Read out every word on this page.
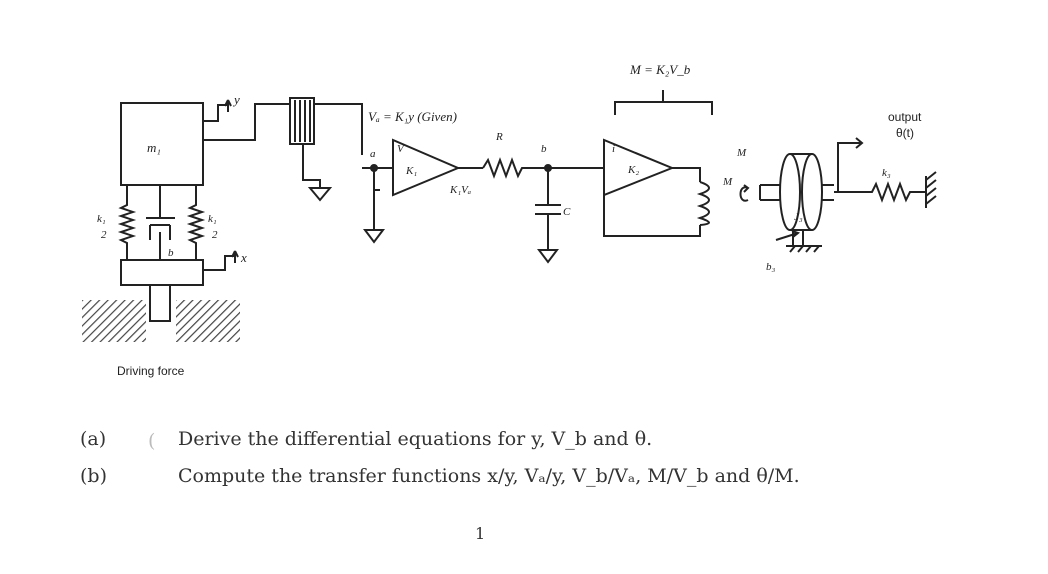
y
m₁
k₁
2
k₁
2
b	x
Driving force
Vₐ = K₁y (Given)
a V
K₁
R
K₁Vₐ
b
C
M = K₂V_b
i
K₂
M
M
J₃
b₃
output
θ(t)
k₃
(a) ( Derive the differential equations for y, V_b and θ.
(b)	Compute the transfer functions x/y, Vₐ/y, V_b/Vₐ, M/V_b and θ/M.
1
